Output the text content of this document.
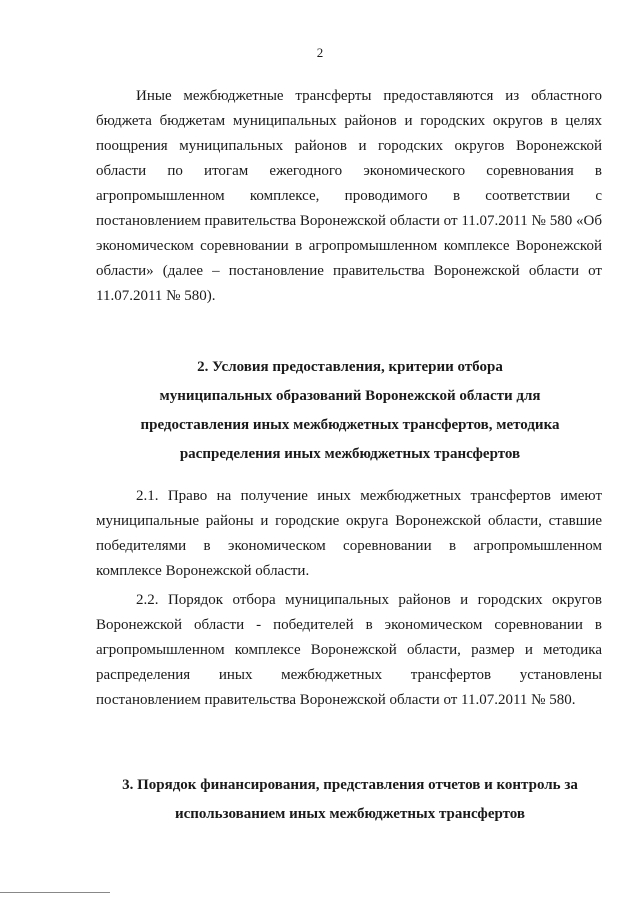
2

Иные межбюджетные трансферты предоставляются из областного бюджета бюджетам муниципальных районов и городских округов в целях поощрения муниципальных районов и городских округов Воронежской области по итогам ежегодного экономического соревнования в агропромышленном комплексе, проводимого в соответствии с постановлением правительства Воронежской области от 11.07.2011 № 580 «Об экономическом соревновании в агропромышленном комплексе Воронежской области» (далее – постановление правительства Воронежской области от 11.07.2011 № 580).

2. Условия предоставления, критерии отбора муниципальных образований Воронежской области для предоставления иных межбюджетных трансфертов, методика распределения иных межбюджетных трансфертов

2.1. Право на получение иных межбюджетных трансфертов имеют муниципальные районы и городские округа Воронежской области, ставшие победителями в экономическом соревновании в агропромышленном комплексе Воронежской области.

2.2. Порядок отбора муниципальных районов и городских округов Воронежской области - победителей в экономическом соревновании в агропромышленном комплексе Воронежской области, размер и методика распределения иных межбюджетных трансфертов установлены постановлением правительства Воронежской области от 11.07.2011 № 580.

3. Порядок финансирования, представления отчетов и контроль за использованием иных межбюджетных трансфертов
